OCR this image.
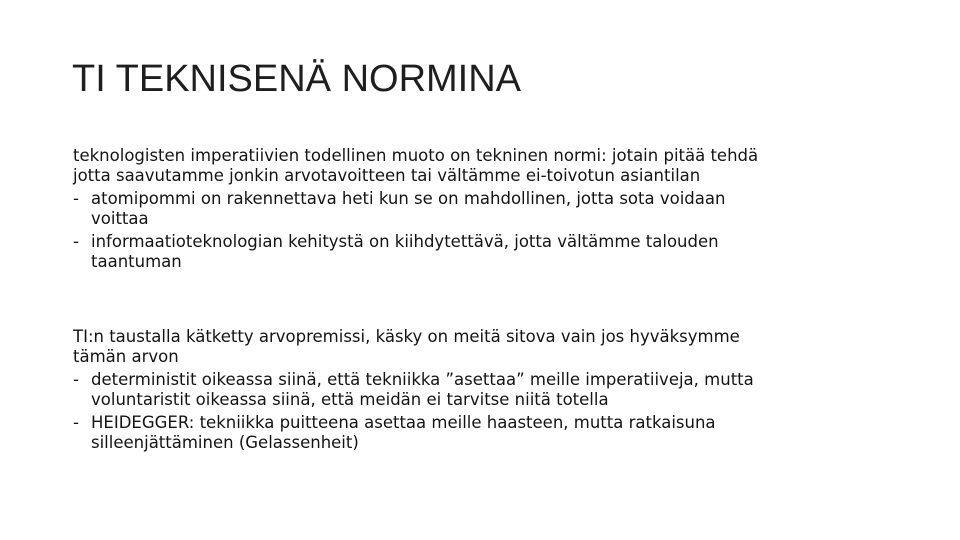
TI TEKNISENÄ NORMINA
teknologisten imperatiivien todellinen muoto on tekninen normi: jotain pitää tehdä
jotta saavutamme jonkin arvotavoitteen tai vältämme ei-toivotun asiantilan
- atomipommi on rakennettava heti kun se on mahdollinen, jotta sota voidaan
voittaa
- informaatioteknologian kehitystä on kiihdytettävä, jotta vältämme talouden
taantuman
TI:n taustalla kätketty arvopremissi, käsky on meitä sitova vain jos hyväksymme
tämän arvon
- deterministit oikeassa siinä, että tekniikka ”asettaa” meille imperatiiveja, mutta
voluntaristit oikeassa siinä, että meidän ei tarvitse niitä totella
- HEIDEGGER: tekniikka puitteena asettaa meille haasteen, mutta ratkaisuna
silleenjättäminen (Gelassenheit)
